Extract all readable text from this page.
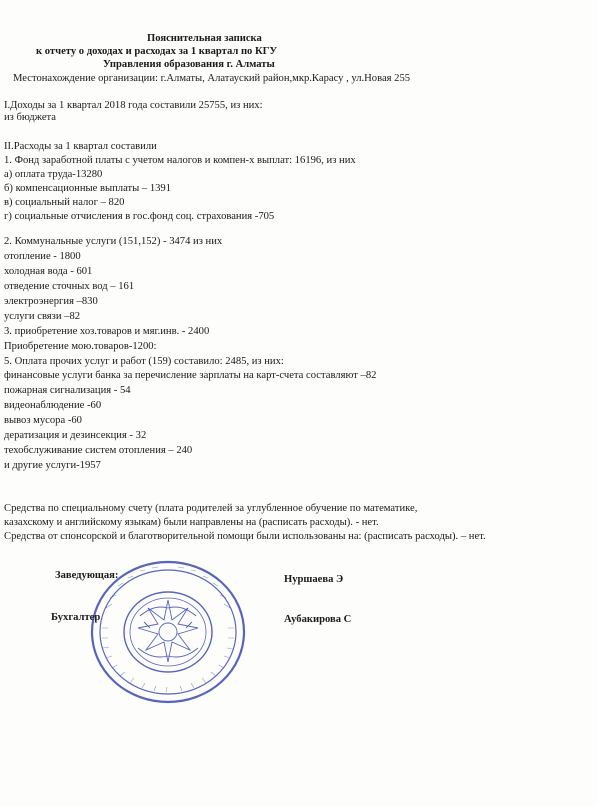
Пояснительная записка
к отчету о доходах и расходах за 1 квартал по КГУ
Управления образования г. Алматы
Местонахождение организации: г.Алматы, Алатауский район,мкр.Карасу , ул.Новая 255
I.Доходы за 1 квартал 2018 года составили 25755, из них:
из бюджета
II.Расходы за 1 квартал составили
1. Фонд заработной платы с учетом налогов и компен-х выплат: 16196, из них
а) оплата труда-13280
б) компенсационные выплаты – 1391
в) социальный налог – 820
г) социальные отчисления в гос.фонд соц. страхования -705
2. Коммунальные услуги (151,152) - 3474 из них
отопление - 1800
холодная вода - 601
отведение сточных вод – 161
электроэнергия –830
услуги связи –82
3. приобретение хоз.товаров и мяг.инв. - 2400
Приобретение мою.товаров-1200:
5. Оплата прочих услуг и работ (159) составило: 2485, из них:
финансовые услуги банка за перечисление зарплаты на карт-счета составляют –82
пожарная сигнализация - 54
видеонаблюдение -60
вывоз мусора -60
дератизация и дезинсекция - 32
техобслуживание систем отопления – 240
и другие услуги-1957
Средства по специальному счету (плата родителей за углубленное обучение по математике,
казахскому и английскому языкам) были направлены на (расписать расходы). - нет.
Средства от спонсорской и благотворительной помощи были использованы на: (расписать расходы). – нет.
Заведующая:	Нуршаева Э
Бухгалтер	Аубакирова С
